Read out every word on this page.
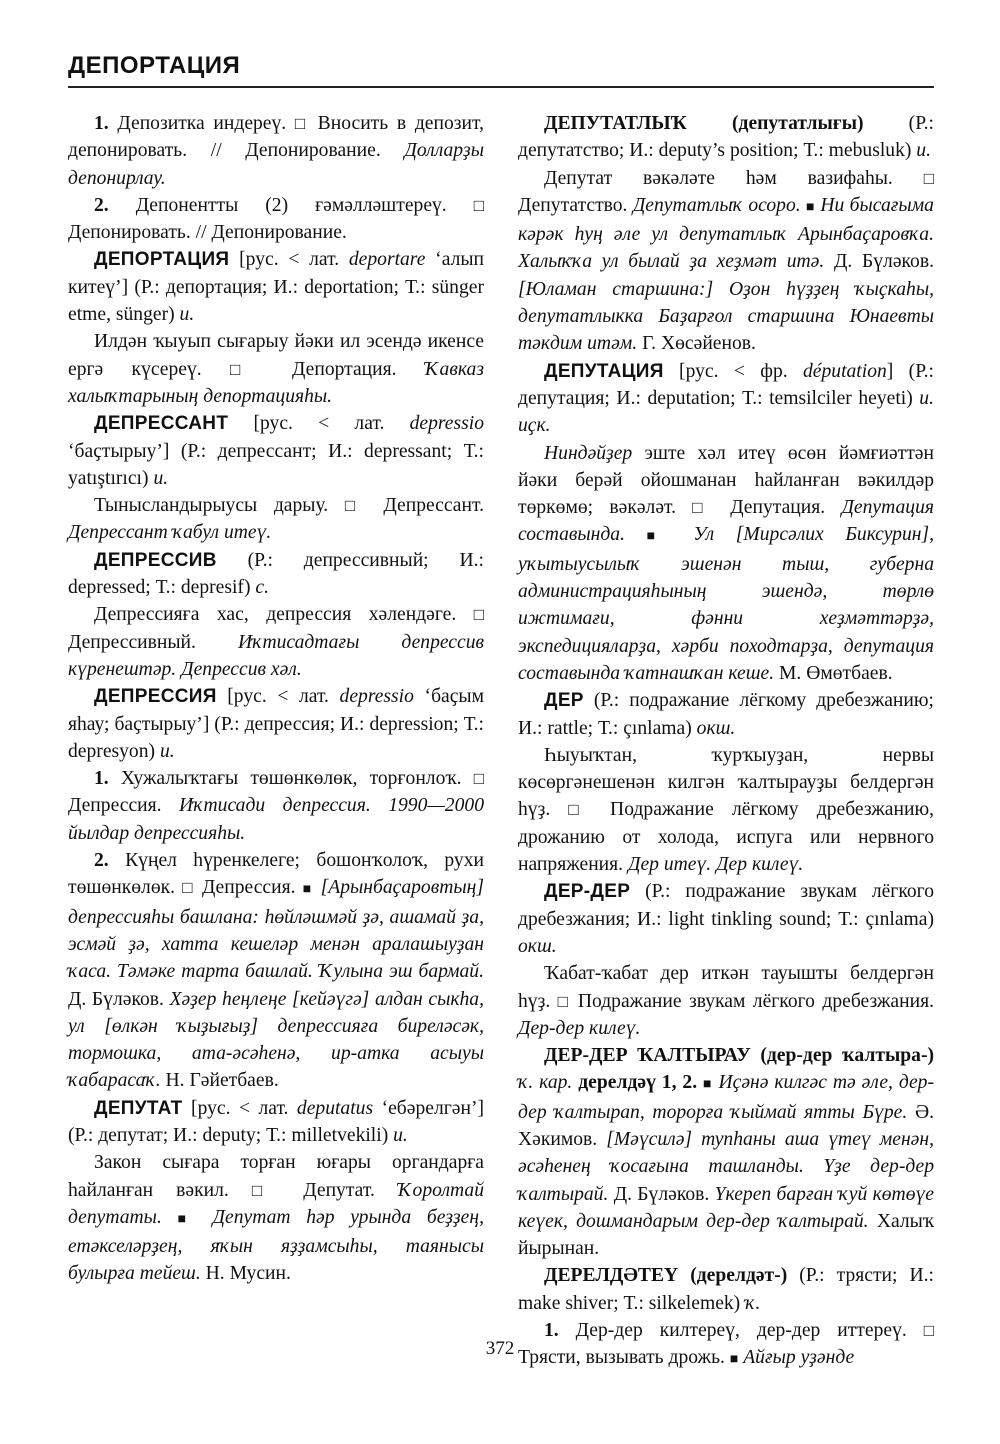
ДЕПОРТАЦИЯ

1. Депозитка индереү. □ Вносить в депозит, депонировать. // Депонирование. Долларҙы депонирлау.

2. Депонентты (2) ғәмәлләштереү. □ Депонировать. // Депонирование.

ДЕПОРТАЦИЯ [рус. < лат. deportare ‘алып китеү’] (Р.: депортация; И.: deportation; Т.: sünger etme, sünger) и.

Илдән ҡыуып сығарыу йәки ил эсендә икенсе ергә күсереү. □ Депортация. Ҡавказ халыҡтарының депортацияһы.

ДЕПРЕССАНТ [рус. < лат. depressio ‘баҫтырыу’] (Р.: депрессант; И.: depressant; Т.: yatıştırıcı) и.

Тынысландырыусы дарыу. □ Депрессант. Депрессант ҡабул итеү.

ДЕПРЕССИВ (Р.: депрессивный; И.: depressed; Т.: depresif) с.

Депрессияға хас, депрессия хәлендәге. □ Депрессивный. Иҡтисадтағы депрессив күренештәр. Депрессив хәл.

ДЕПРЕССИЯ [рус. < лат. depressio ‘баҫым яһау; баҫтырыу’] (Р.: депрессия; И.: depression; Т.: depresyon) и.

1. Хужалыҡтағы төшөнкөлөк, торғонлоҡ. □ Депрессия. Иҡтисади депрессия. 1990—2000 йылдар депрессияһы.

2. Күңел һүренкелеге; бошонҡолоҡ, рухи төшөнкөлөк. □ Депрессия. ■ [Арынбаҫаровтың] депрессияһы башлана: һөйләшмәй ҙә, ашамай ҙа, эсмәй ҙә, хатта кешеләр менән аралашыуҙан ҡаса. Тәмәке тарта башлай. Ҡулына эш бармай. Д. Бүләков. Хәҙер һеңлеңе [кейәүгә] алдан сыкһа, ул [өлкән ҡыҙығыҙ] депрессияға биреләсәк, тормошка, ата-әсәһенә, ир-атка асыуы ҡабарасаҡ. Н. Гәйетбаев.

ДЕПУТАТ [рус. < лат. deputatus ‘ебәрелгән’] (Р.: депутат; И.: deputy; Т.: milletvekili) и.

Закон сығара торған юғары органдарға һайланған вәкил. □ Депутат. Ҡоролтай депутаты. ■ Депутат һәр урында беҙҙең, етәкселәрҙең, яҡын яҙҙамсыһы, таянысы булырға тейеш. Н. Мусин.

ДЕПУТАТЛЫҠ (депутатлығы) (Р.: депутатство; И.: deputy’s position; Т.: mebusluk) и.

Депутат вәкәләте һәм вазифаһы. □ Депутатство. Депутатлыҡ осоро. ■ Ни бысағыма кәрәк һуң әле ул депутатлыҡ Арынбаҫаровҡа. Халыҡҡа ул былай ҙа хеҙмәт итә. Д. Бүләков. [Юламан старшина:] Оҙон һүҙҙең ҡыҫкаһы, депутатлыкка Баҙарғол старшина Юнаевты тәкдим итәм. Г. Хөсәйенов.

ДЕПУТАЦИЯ [рус. < фр. députation] (Р.: депутация; И.: deputation; Т.: temsilciler heyeti) и. иҫк.

Ниндәйҙер эште хәл итеү өсөн йәмғиәттән йәки берәй ойошманан һайланған вәкилдәр төркөмө; вәкәләт. □ Депутация. Депутация составында. ■ Ул [Мирсәлих Биксурин], уҡытыусылыҡ эшенән тыш, губерна администрацияһының эшендә, төрлө ижтимағи, фәнни хеҙмәттәрҙә, экспедицияларҙа, хәрби походтарҙа, депутация составында ҡатнашҡан кеше. М. Өмөтбаев.

ДЕР (Р.: подражание лёгкому дребезжанию; И.: rattle; Т.: çınlama) окш.

Һыуыҡтан, ҡурҡыуҙан, нервы көсөргәнешенән килгән ҡалтырауҙы белдергән һүҙ. □ Подражание лёгкому дребезжанию, дрожанию от холода, испуга или нервного напряжения. Дер итеү. Дер килеү.

ДЕР-ДЕР (Р.: подражание звукам лёгкого дребезжания; И.: light tinkling sound; Т.: çınlama) окш.

Ҡабат-ҡабат дер иткән тауышты белдергән һүҙ. □ Подражание звукам лёгкого дребезжания. Дер-дер килеү.

ДЕР-ДЕР ҠАЛТЫРАУ (дер-дер ҡалтыра-) ҡ. кар. дерелдәү 1, 2. ■ Иҫәнә килгәс тә әле, дер-дер ҡалтырап, торорға ҡыймай ятты Бүре. Ә. Хәкимов. [Мәүсилә] тупһаны аша үтеү менән, әсәһенең ҡосағына ташланды. Үҙе дер-дер ҡалтырай. Д. Бүләков. Үкереп барған ҡуй көтөүе кеүек, дошмандарым дер-дер ҡалтырай. Халыҡ йырынан.

ДЕРЕЛДӘТЕҮ (дерелдәт-) (Р.: трясти; И.: make shiver; Т.: silkelemek) ҡ.

1. Дер-дер килтереү, дер-дер иттереү. □ Трясти, вызывать дрожь. ■ Айғыр уҙәнде

372
